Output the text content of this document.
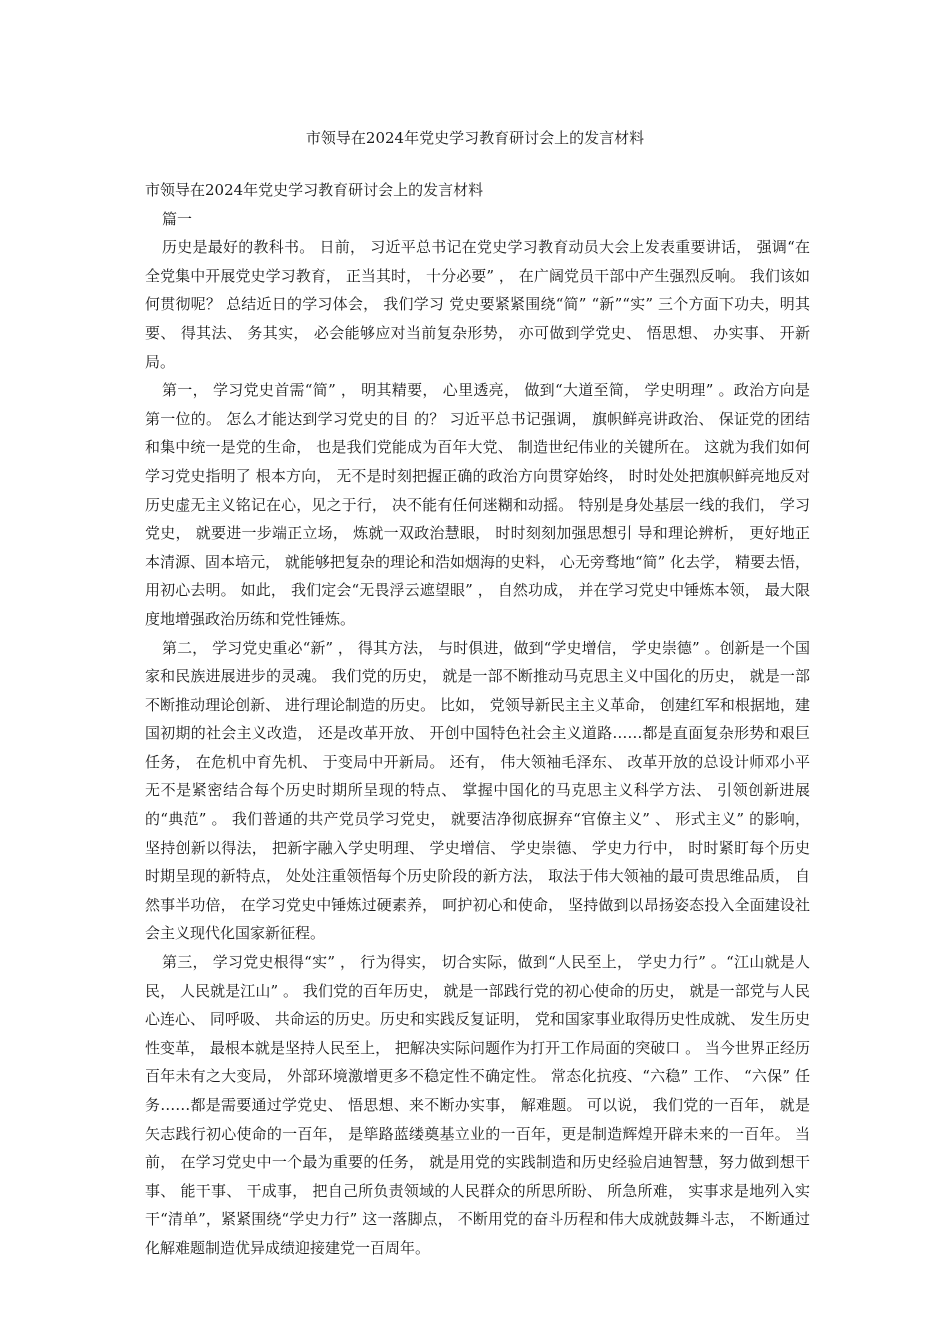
市领导在2024年党史学习教育研讨会上的发言材料

市领导在2024年党史学习教育研讨会上的发言材料

篇一

历史是最好的教科书。 日前， 习近平总书记在党史学习教育动员大会上发表重要讲话， 强调“在全党集中开展党史学习教育， 正当其时， 十分必要” ， 在广阔党员干部中产生强烈反响。 我们该如何贯彻呢？ 总结近日的学习体会， 我们学习 党史要紧紧围绕“简” “新”“实” 三个方面下功夫，明其要、 得其法、 务其实， 必会能够应对当前复杂形势， 亦可做到学党史、 悟思想、 办实事、 开新局。

第一， 学习党史首需“简” ， 明其精要， 心里透亮， 做到“大道至简， 学史明理” 。政治方向是第一位的。 怎么才能达到学习党史的目 的？ 习近平总书记强调， 旗帜鲜亮讲政治、 保证党的团结和集中统一是党的生命， 也是我们党能成为百年大党、 制造世纪伟业的关键所在。 这就为我们如何学习党史指明了 根本方向， 无不是时刻把握正确的政治方向贯穿始终， 时时处处把旗帜鲜亮地反对历史虚无主义铭记在心，见之于行， 决不能有任何迷糊和动摇。 特别是身处基层一线的我们， 学习党史， 就要进一步端正立场， 炼就一双政治慧眼， 时时刻刻加强思想引 导和理论辨析， 更好地正本清源、固本培元， 就能够把复杂的理论和浩如烟海的史料， 心无旁骛地“简” 化去学， 精要去悟， 用初心去明。 如此， 我们定会“无畏浮云遮望眼” ， 自然功成， 并在学习党史中锤炼本领， 最大限度地增强政治历练和党性锤炼。

第二， 学习党史重必“新” ， 得其方法， 与时俱进，做到“学史增信， 学史崇德” 。创新是一个国家和民族进展进步的灵魂。 我们党的历史， 就是一部不断推动马克思主义中国化的历史， 就是一部不断推动理论创新、 进行理论制造的历史。 比如， 党领导新民主主义革命， 创建红军和根据地，建国初期的社会主义改造， 还是改革开放、 开创中国特色社会主义道路……都是直面复杂形势和艰巨任务， 在危机中育先机、 于变局中开新局。 还有， 伟大领袖毛泽东、 改革开放的总设计师邓小平无不是紧密结合每个历史时期所呈现的特点、 掌握中国化的马克思主义科学方法、 引领创新进展的“典范” 。 我们普通的共产党员学习党史， 就要洁净彻底摒弃“官僚主义” 、 形式主义” 的影响， 坚持创新以得法， 把新字融入学史明理、 学史增信、 学史崇德、 学史力行中， 时时紧盯每个历史时期呈现的新特点， 处处注重领悟每个历史阶段的新方法， 取法于伟大领袖的最可贵思维品质， 自然事半功倍， 在学习党史中锤炼过硬素养， 呵护初心和使命， 坚持做到以昂扬姿态投入全面建设社会主义现代化国家新征程。

第三， 学习党史根得“实” ， 行为得实， 切合实际，做到“人民至上， 学史力行” 。“江山就是人民， 人民就是江山” 。 我们党的百年历史， 就是一部践行党的初心使命的历史， 就是一部党与人民心连心、 同呼吸、 共命运的历史。历史和实践反复证明， 党和国家事业取得历史性成就、 发生历史性变革， 最根本就是坚持人民至上， 把解决实际问题作为打开工作局面的突破口 。 当今世界正经历百年未有之大变局， 外部环境激增更多不稳定性不确定性。 常态化抗疫、“六稳” 工作、 “六保” 任务……都是需要通过学党史、 悟思想、来不断办实事， 解难题。 可以说， 我们党的一百年， 就是矢志践行初心使命的一百年， 是筚路蓝缕奠基立业的一百年，更是制造辉煌开辟未来的一百年。 当前， 在学习党史中一个最为重要的任务， 就是用党的实践制造和历史经验启迪智慧，努力做到想干事、 能干事、 干成事， 把自己所负责领域的人民群众的所思所盼、 所急所难， 实事求是地列入实干“清单”，紧紧围绕“学史力行” 这一落脚点， 不断用党的奋斗历程和伟大成就鼓舞斗志， 不断通过化解难题制造优异成绩迎接建党一百周年。
